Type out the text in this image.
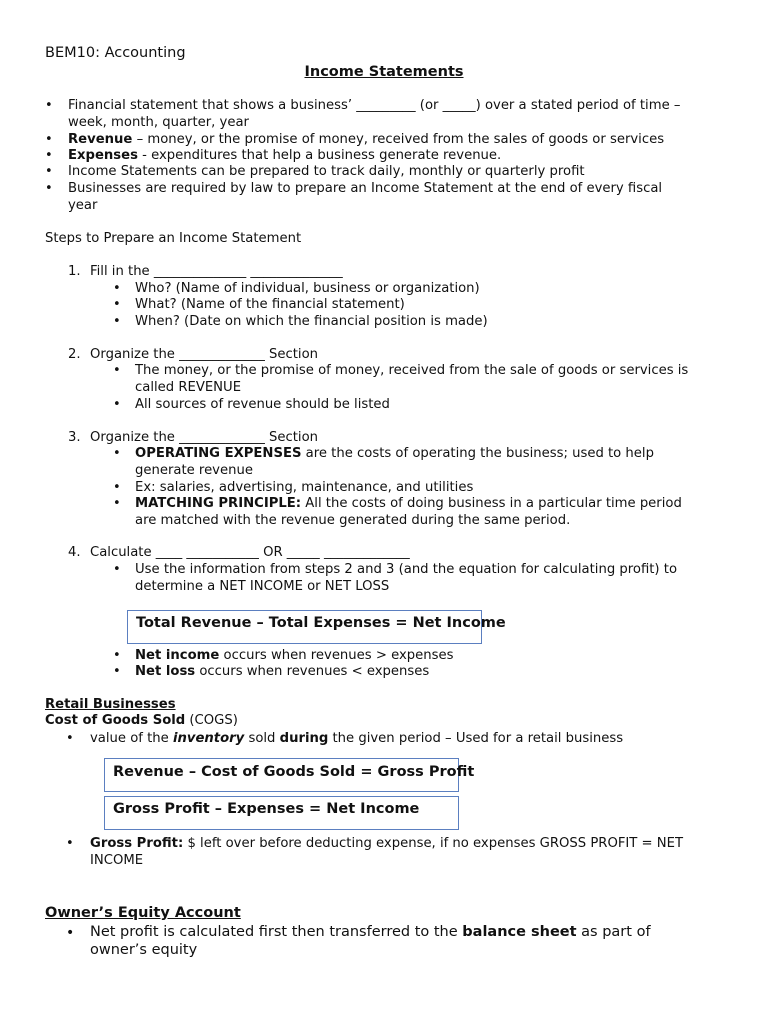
BEM10: Accounting
Income Statements
• Financial statement that shows a business’ _________ (or _____) over a stated period of time –
week, month, quarter, year
• Revenue – money, or the promise of money, received from the sales of goods or services
• Expenses - expenditures that help a business generate revenue.
• Income Statements can be prepared to track daily, monthly or quarterly profit
• Businesses are required by law to prepare an Income Statement at the end of every fiscal
year
Steps to Prepare an Income Statement
1. Fill in the ______________ ______________
• Who? (Name of individual, business or organization)
• What? (Name of the financial statement)
• When? (Date on which the financial position is made)
2. Organize the _____________ Section
• The money, or the promise of money, received from the sale of goods or services is
called REVENUE
• All sources of revenue should be listed
3. Organize the _____________ Section
• OPERATING EXPENSES are the costs of operating the business; used to help
generate revenue
• Ex: salaries, advertising, maintenance, and utilities
• MATCHING PRINCIPLE: All the costs of doing business in a particular time period
are matched with the revenue generated during the same period.
4. Calculate ____ ___________ OR _____ _____________
• Use the information from steps 2 and 3 (and the equation for calculating profit) to
determine a NET INCOME or NET LOSS
Total Revenue – Total Expenses = Net Income
• Net income occurs when revenues > expenses
• Net loss occurs when revenues < expenses
Retail Businesses
Cost of Goods Sold (COGS)
• value of the inventory sold during the given period – Used for a retail business
Revenue – Cost of Goods Sold = Gross Profit
Gross Profit – Expenses = Net Income
• Gross Profit: $ left over before deducting expense, if no expenses GROSS PROFIT = NET
INCOME
Owner’s Equity Account
• Net profit is calculated first then transferred to the balance sheet as part of
owner’s equity
